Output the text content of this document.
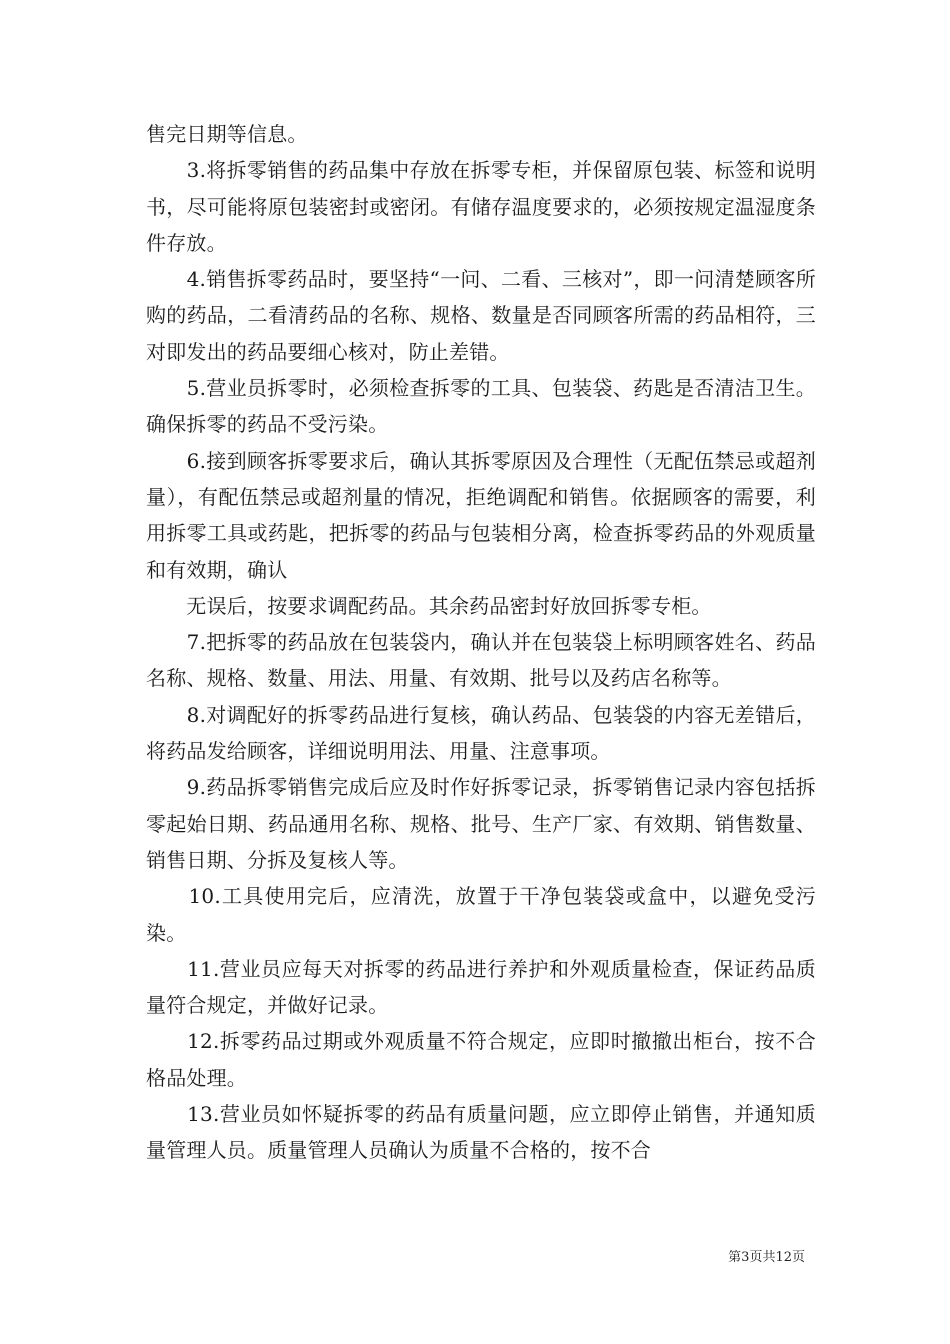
售完日期等信息。

　　3.将拆零销售的药品集中存放在拆零专柜，并保留原包装、标签和说明书，尽可能将原包装密封或密闭。有储存温度要求的，必须按规定温湿度条件存放。

　　4.销售拆零药品时，要坚持“一问、二看、三核对”，即一问清楚顾客所购的药品，二看清药品的名称、规格、数量是否同顾客所需的药品相符，三对即发出的药品要细心核对，防止差错。

　　5.营业员拆零时，必须检查拆零的工具、包装袋、药匙是否清洁卫生。确保拆零的药品不受污染。

　　6.接到顾客拆零要求后，确认其拆零原因及合理性（无配伍禁忌或超剂量），有配伍禁忌或超剂量的情况，拒绝调配和销售。依据顾客的需要，利用拆零工具或药匙，把拆零的药品与包装相分离，检查拆零药品的外观质量和有效期，确认

　　无误后，按要求调配药品。其余药品密封好放回拆零专柜。

　　7.把拆零的药品放在包装袋内，确认并在包装袋上标明顾客姓名、药品名称、规格、数量、用法、用量、有效期、批号以及药店名称等。

　　8.对调配好的拆零药品进行复核，确认药品、包装袋的内容无差错后，将药品发给顾客，详细说明用法、用量、注意事项。

　　9.药品拆零销售完成后应及时作好拆零记录，拆零销售记录内容包括拆零起始日期、药品通用名称、规格、批号、生产厂家、有效期、销售数量、销售日期、分拆及复核人等。

　　10.工具使用完后，应清洗，放置于干净包装袋或盒中，以避免受污染。

　　11.营业员应每天对拆零的药品进行养护和外观质量检查，保证药品质量符合规定，并做好记录。

　　12.拆零药品过期或外观质量不符合规定，应即时撤撤出柜台，按不合格品处理。

　　13.营业员如怀疑拆零的药品有质量问题，应立即停止销售，并通知质量管理人员。质量管理人员确认为质量不合格的，按不合

第3页共12页
